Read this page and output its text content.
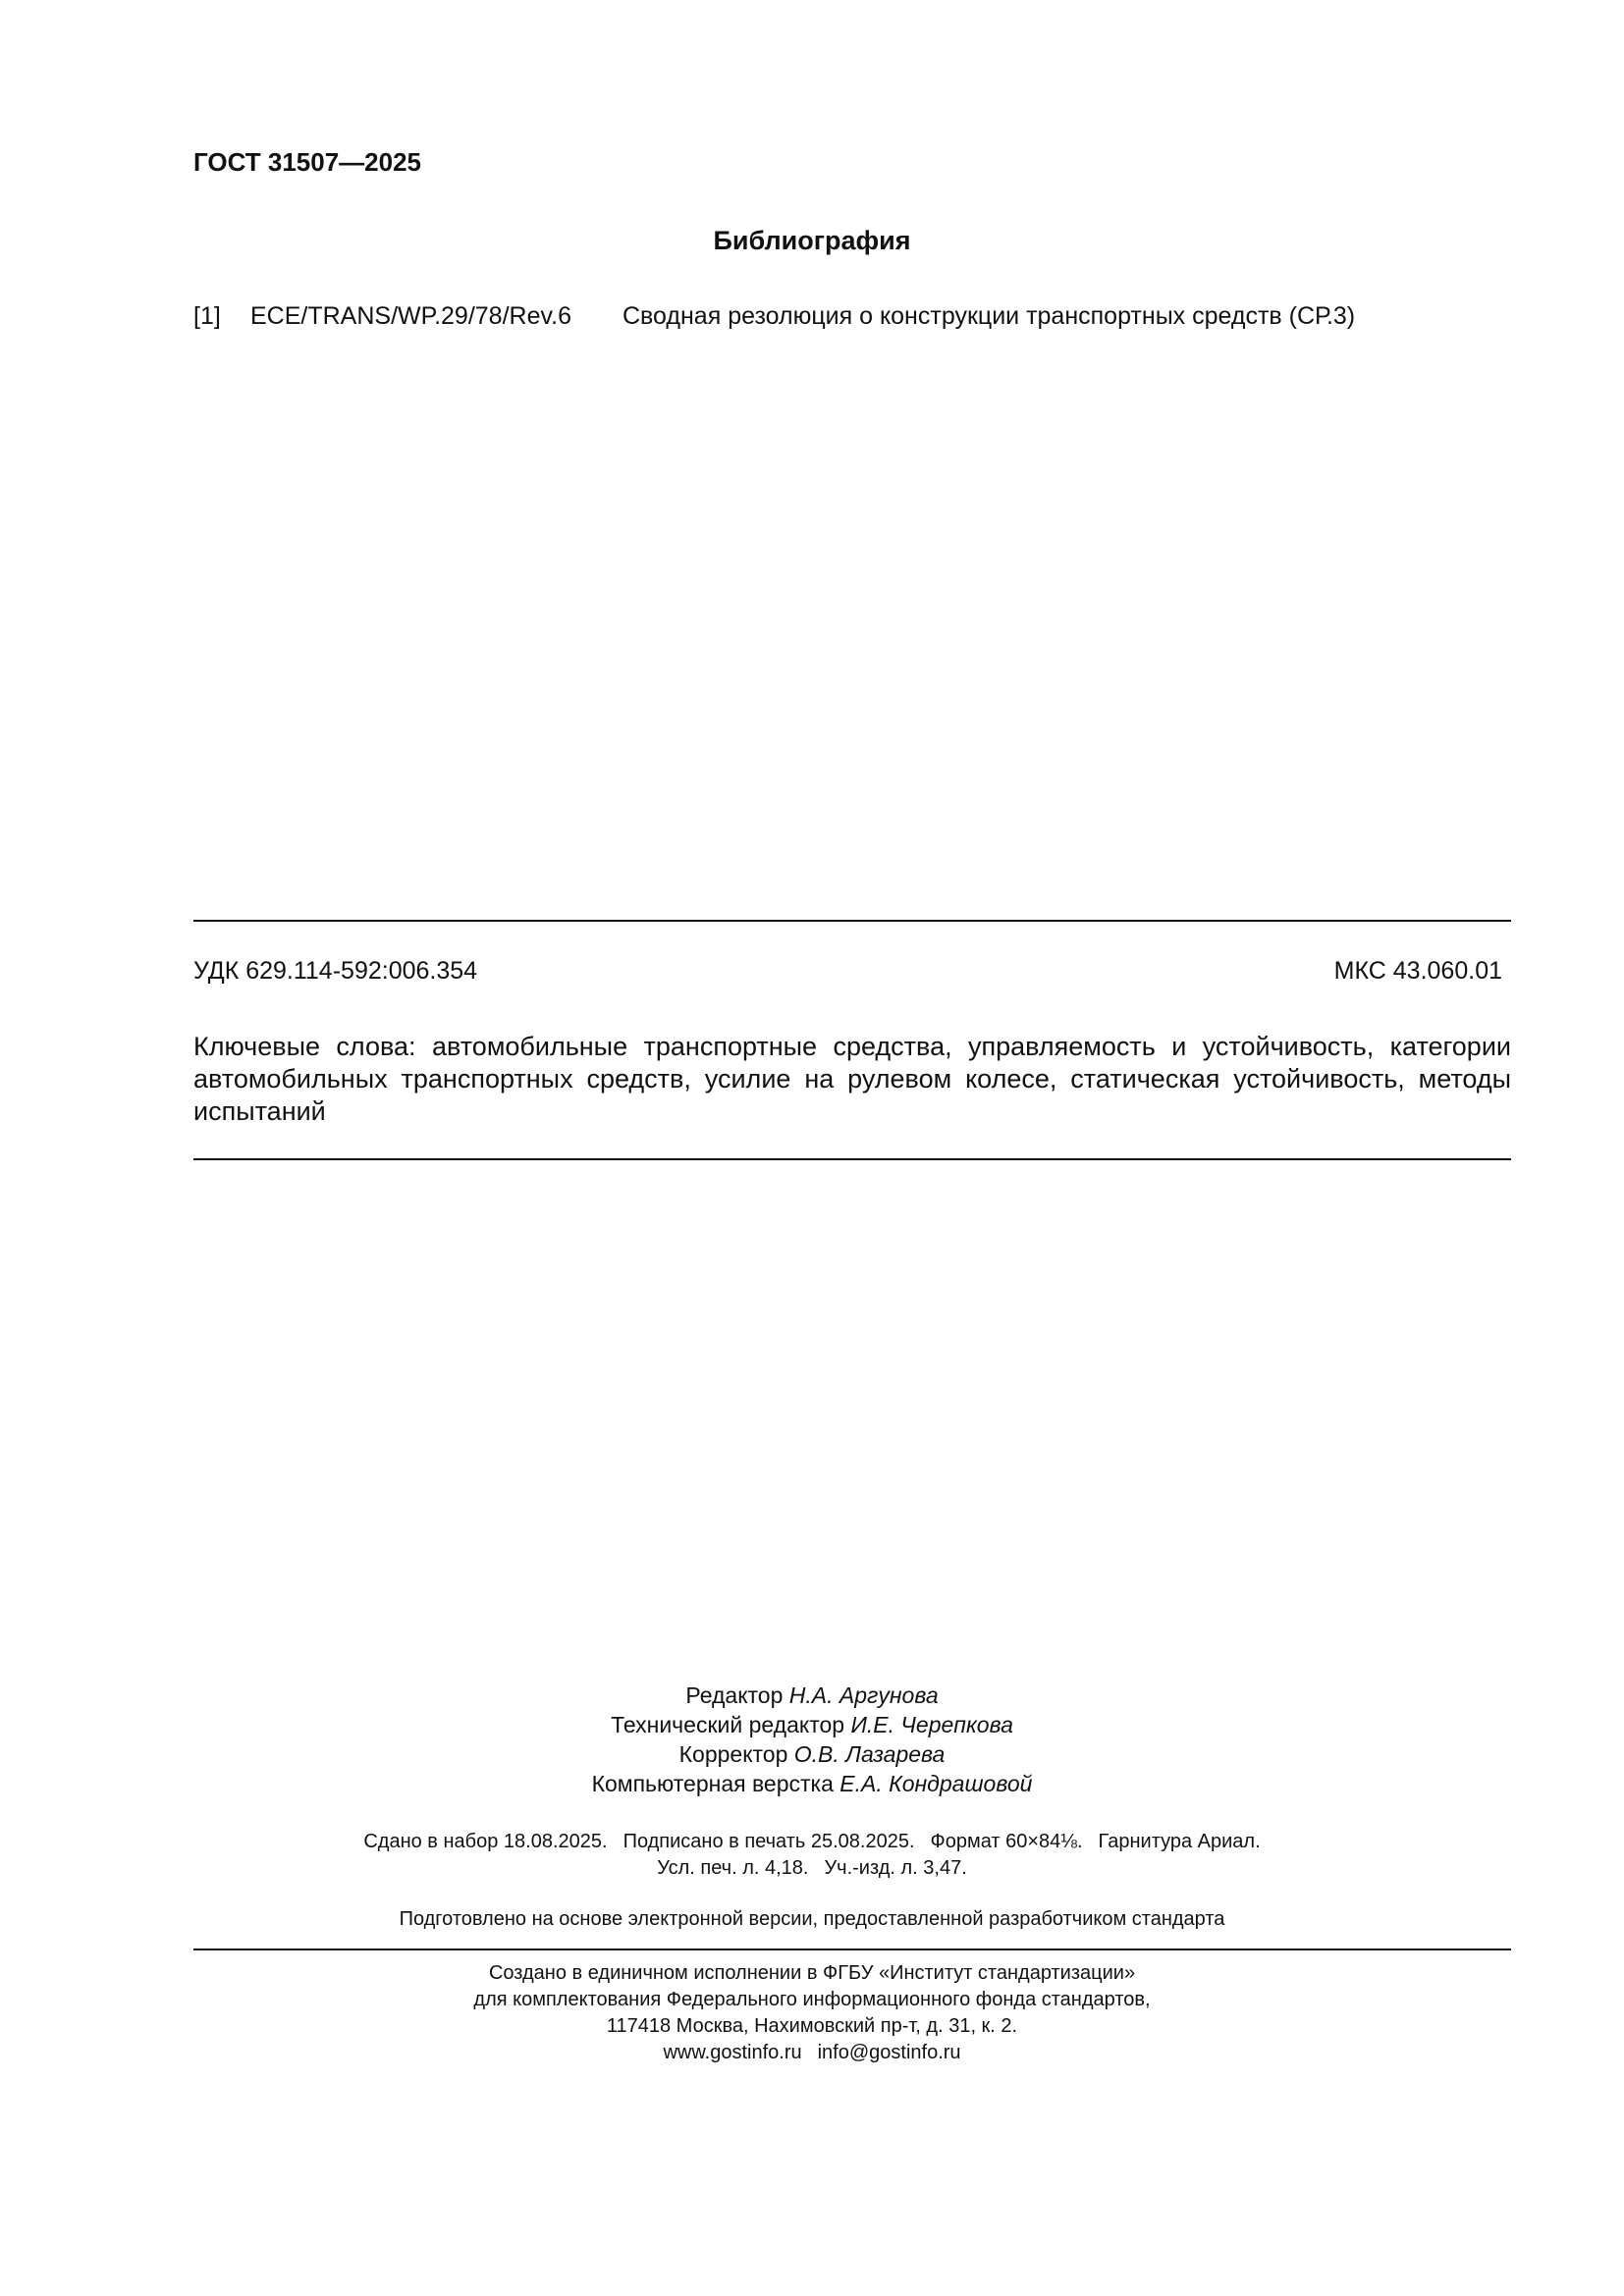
ГОСТ 31507—2025
Библиография
[1] ECE/TRANS/WP.29/78/Rev.6 Сводная резолюция о конструкции транспортных средств (СР.3)
УДК 629.114-592:006.354	МКС 43.060.01
Ключевые слова: автомобильные транспортные средства, управляемость и устойчивость, категории автомобильных транспортных средств, усилие на рулевом колесе, статическая устойчивость, методы испытаний
Редактор Н.А. Аргунова
Технический редактор И.Е. Черепкова
Корректор О.В. Лазарева
Компьютерная верстка Е.А. Кондрашовой
Сдано в набор 18.08.2025. Подписано в печать 25.08.2025. Формат 60×84⅛. Гарнитура Ариал.
Усл. печ. л. 4,18. Уч.-изд. л. 3,47.
Подготовлено на основе электронной версии, предоставленной разработчиком стандарта
Создано в единичном исполнении в ФГБУ «Институт стандартизации»
для комплектования Федерального информационного фонда стандартов,
117418 Москва, Нахимовский пр-т, д. 31, к. 2.
www.gostinfo.ru info@gostinfo.ru
